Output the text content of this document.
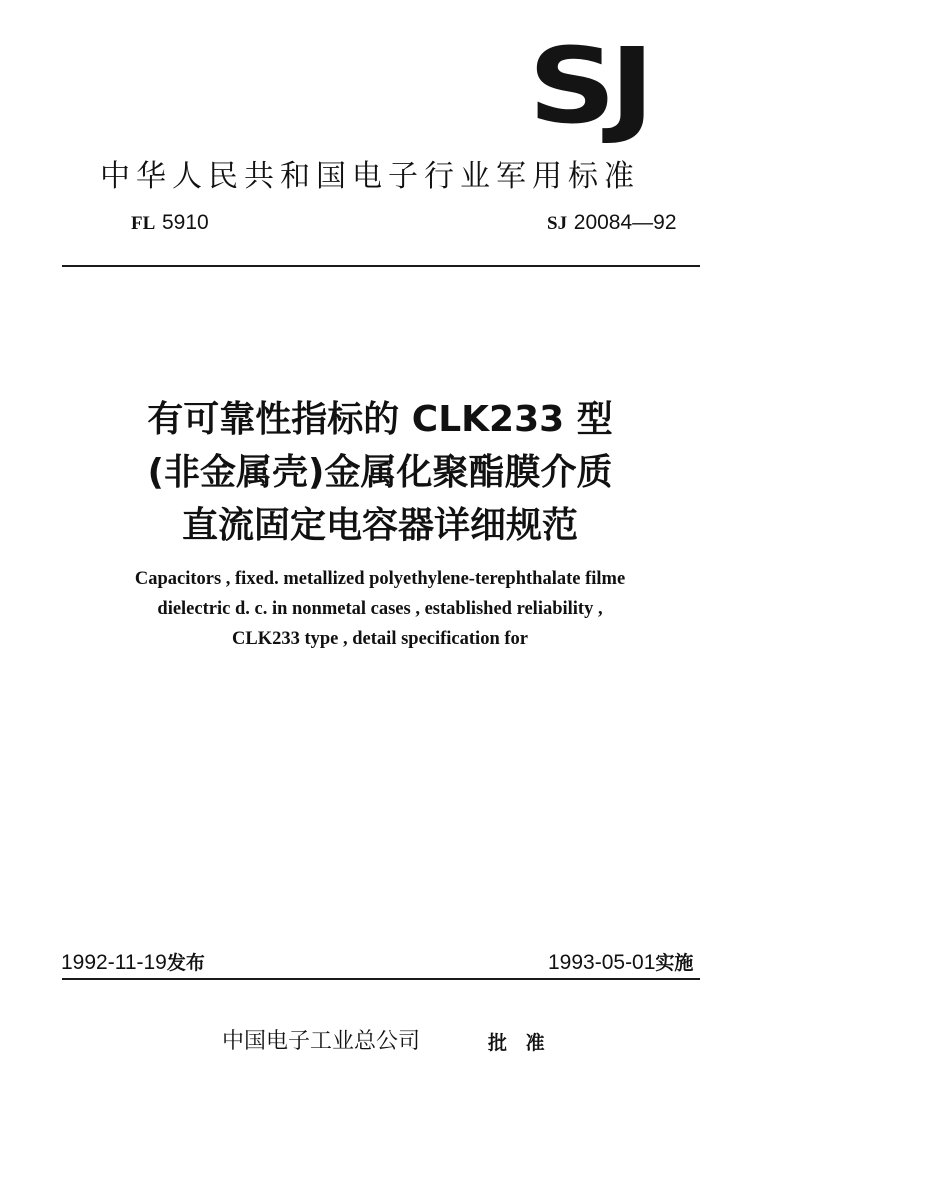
SJ
中华人民共和国电子行业军用标准
FL 5910	SJ 20084—92
有可靠性指标的 CLK233 型
(非金属壳)金属化聚酯膜介质
直流固定电容器详细规范
Capacitors , fixed. metallized polyethylene-terephthalate filme
dielectric d. c. in nonmetal cases , established reliability ,
CLK233 type , detail specification for
1992-11-19发布	1993-05-01实施
中国电子工业总公司	批 准
